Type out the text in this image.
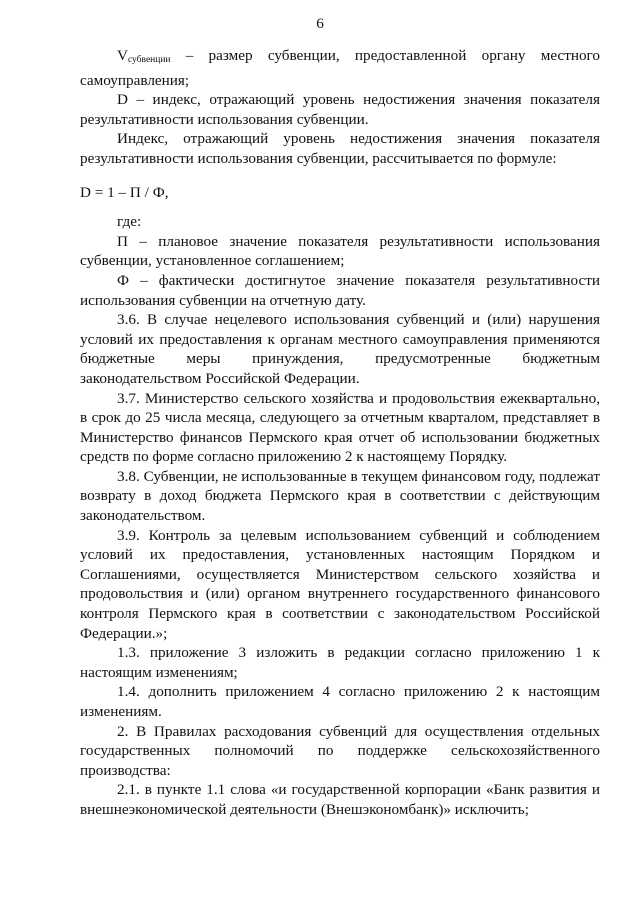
6

$V_{субвенции}$ – размер субвенции, предоставленной органу местного самоуправления;

D – индекс, отражающий уровень недостижения значения показателя результативности использования субвенции.

Индекс, отражающий уровень недостижения значения показателя результативности использования субвенции, рассчитывается по формуле:

D = 1 – П / Ф,

где:

П – плановое значение показателя результативности использования субвенции, установленное соглашением;

Ф – фактически достигнутое значение показателя результативности использования субвенции на отчетную дату.

3.6. В случае нецелевого использования субвенций и (или) нарушения условий их предоставления к органам местного самоуправления применяются бюджетные меры принуждения, предусмотренные бюджетным законодательством Российской Федерации.

3.7. Министерство сельского хозяйства и продовольствия ежеквартально, в срок до 25 числа месяца, следующего за отчетным кварталом, представляет в Министерство финансов Пермского края отчет об использовании бюджетных средств по форме согласно приложению 2 к настоящему Порядку.

3.8. Субвенции, не использованные в текущем финансовом году, подлежат возврату в доход бюджета Пермского края в соответствии с действующим законодательством.

3.9. Контроль за целевым использованием субвенций и соблюдением условий их предоставления, установленных настоящим Порядком и Соглашениями, осуществляется Министерством сельского хозяйства и продовольствия и (или) органом внутреннего государственного финансового контроля Пермского края в соответствии с законодательством Российской Федерации.»;

1.3. приложение 3 изложить в редакции согласно приложению 1 к настоящим изменениям;

1.4. дополнить приложением 4 согласно приложению 2 к настоящим изменениям.

2. В Правилах расходования субвенций для осуществления отдельных государственных полномочий по поддержке сельскохозяйственного производства:

2.1. в пункте 1.1 слова «и государственной корпорации «Банк развития и внешнеэкономической деятельности (Внешэкономбанк)» исключить;
